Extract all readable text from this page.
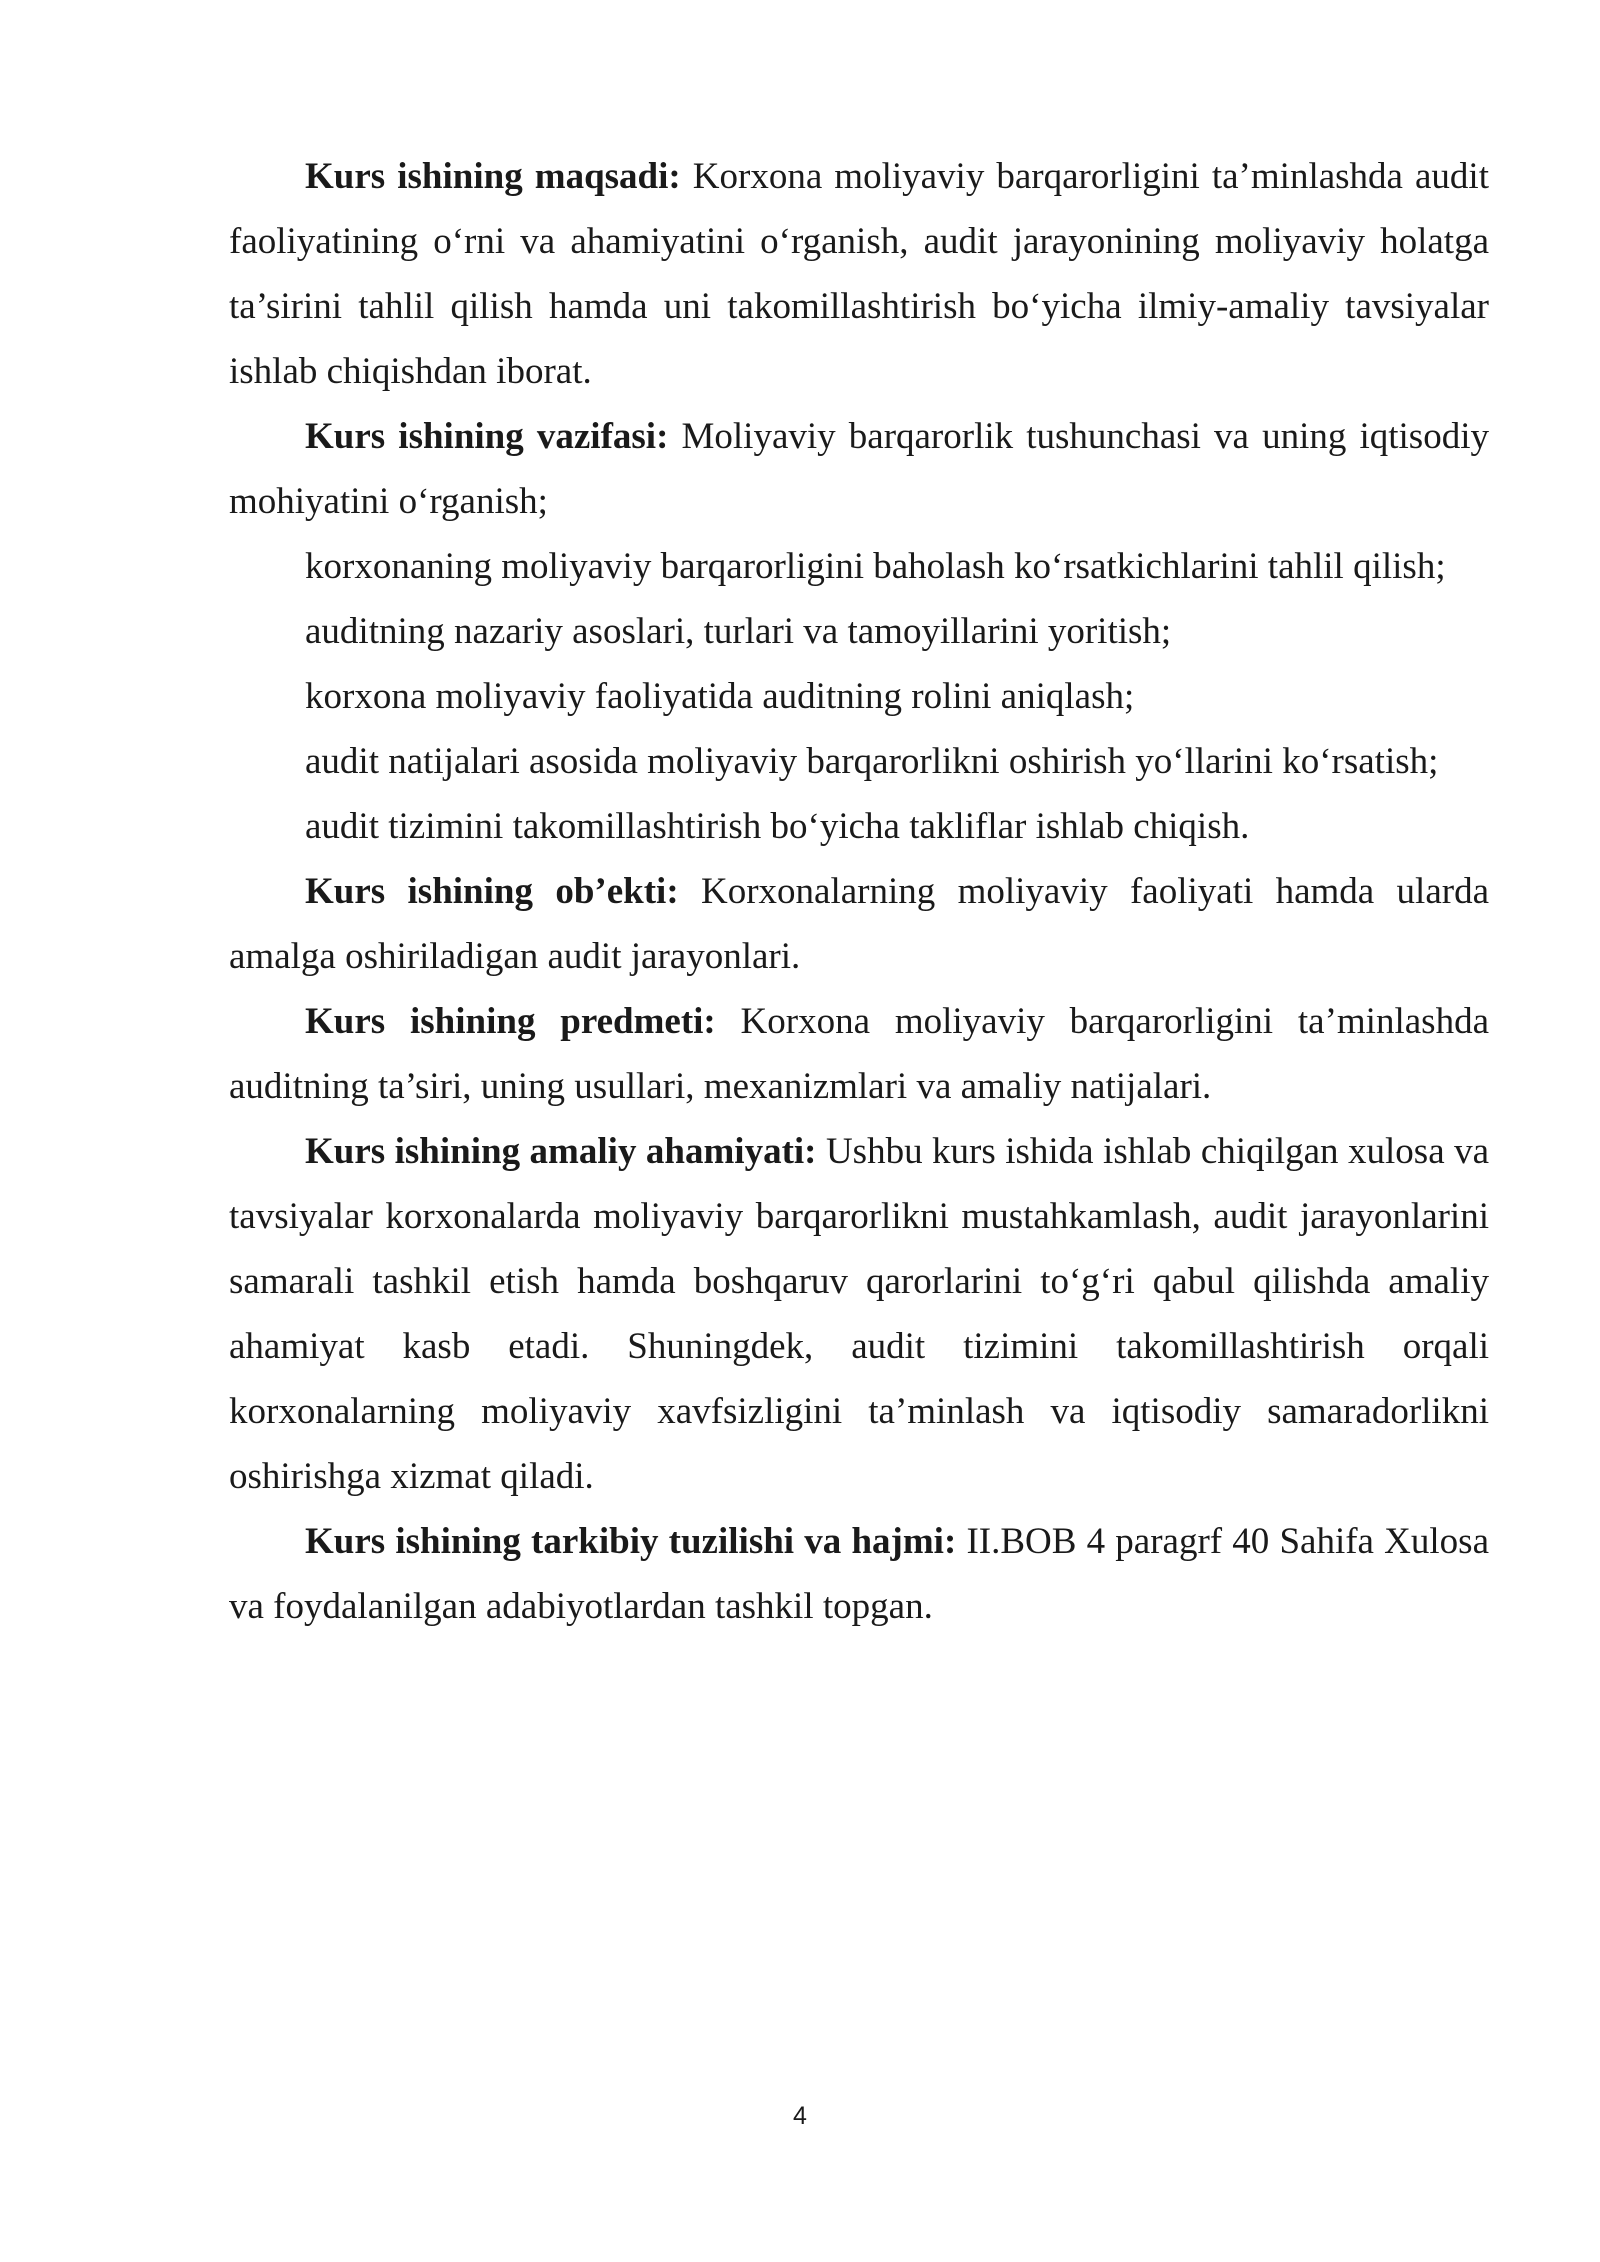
Kurs ishining maqsadi: Korxona moliyaviy barqarorligini ta’minlashda audit faoliyatining o‘rni va ahamiyatini o‘rganish, audit jarayonining moliyaviy holatga ta’sirini tahlil qilish hamda uni takomillashtirish bo‘yicha ilmiy-amaliy tavsiyalar ishlab chiqishdan iborat.

Kurs ishining vazifasi: Moliyaviy barqarorlik tushunchasi va uning iqtisodiy mohiyatini o‘rganish;

korxonaning moliyaviy barqarorligini baholash ko‘rsatkichlarini tahlil qilish;

auditning nazariy asoslari, turlari va tamoyillarini yoritish;

korxona moliyaviy faoliyatida auditning rolini aniqlash;

audit natijalari asosida moliyaviy barqarorlikni oshirish yo‘llarini ko‘rsatish;

audit tizimini takomillashtirish bo‘yicha takliflar ishlab chiqish.

Kurs ishining ob’ekti: Korxonalarning moliyaviy faoliyati hamda ularda amalga oshiriladigan audit jarayonlari.

Kurs ishining predmeti: Korxona moliyaviy barqarorligini ta’minlashda auditning ta’siri, uning usullari, mexanizmlari va amaliy natijalari.

Kurs ishining amaliy ahamiyati: Ushbu kurs ishida ishlab chiqilgan xulosa va tavsiyalar korxonalarda moliyaviy barqarorlikni mustahkamlash, audit jarayonlarini samarali tashkil etish hamda boshqaruv qarorlarini to‘g‘ri qabul qilishda amaliy ahamiyat kasb etadi. Shuningdek, audit tizimini takomillashtirish orqali korxonalarning moliyaviy xavfsizligini ta’minlash va iqtisodiy samaradorlikni oshirishga xizmat qiladi.

Kurs ishining tarkibiy tuzilishi va hajmi: II.BOB 4 paragrf 40 Sahifa Xulosa va foydalanilgan adabiyotlardan tashkil topgan.

4
